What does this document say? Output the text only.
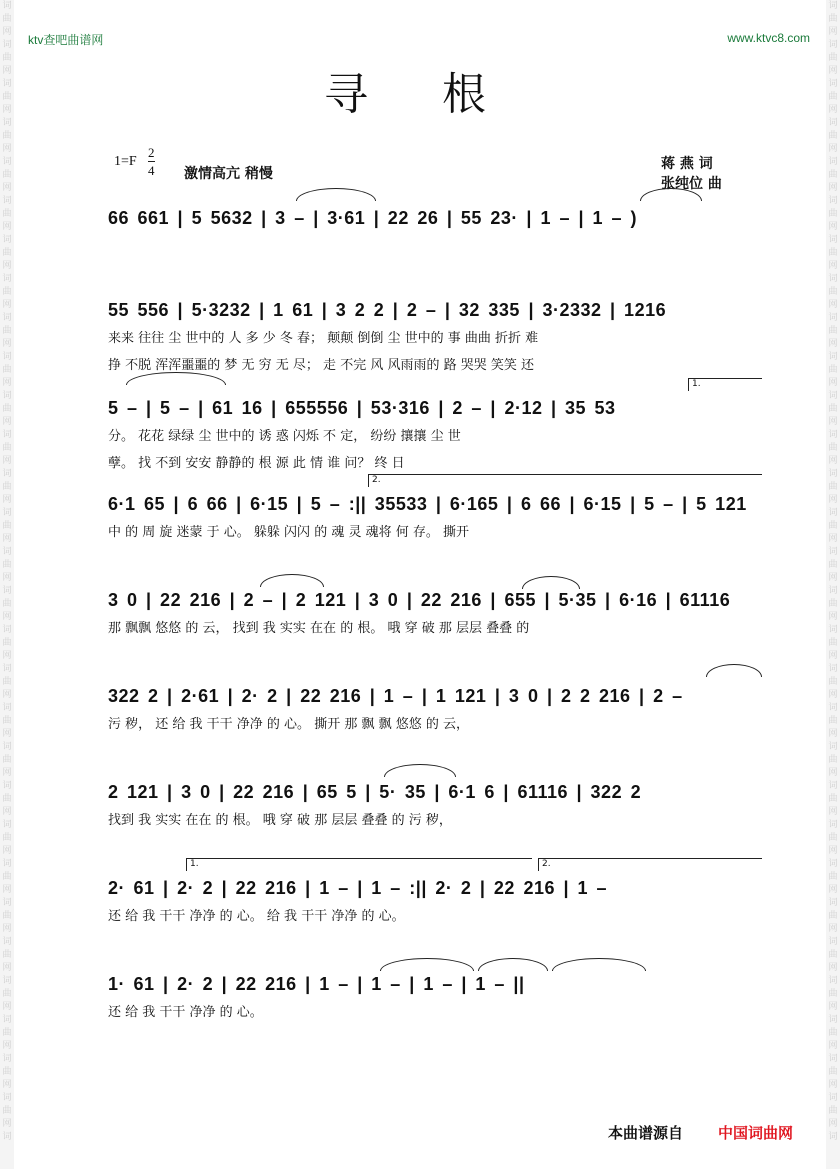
词
曲
网
词
曲
网
词
曲
网
词
曲
网
词
曲
网
词
曲
网
词
曲
网
词
曲
网
词
曲
网
词
曲
网
词
曲
网
词
曲
网
词
曲
网
词
曲
网
词
曲
网
词
曲
网
词
曲
网
词
曲
网
词
曲
网
词
曲
网
词
曲
网
词
曲
网
词
曲
网
词
曲
网
词
曲
网
词
曲
网
词
曲
网
词
曲
网
词
曲
网
词
词
曲
网
词
曲
网
词
曲
网
词
曲
网
词
曲
网
词
曲
网
词
曲
网
词
曲
网
词
曲
网
词
曲
网
词
曲
网
词
曲
网
词
曲
网
词
曲
网
词
曲
网
词
曲
网
词
曲
网
词
曲
网
词
曲
网
词
曲
网
词
曲
网
词
曲
网
词
曲
网
词
曲
网
词
曲
网
词
曲
网
词
曲
网
词
曲
网
词
曲
网
词
ktv查吧曲谱网	www.ktvc8.com
寻 根
1=F
2
4 激情高亢 稍慢
蒋 燕 词
张纯位 曲
66 661 | 5 5632 | 3 – | 3·61 | 22 26 | 55 23· | 1 – | 1 – )
55 556 | 5·3232 | 1 61 | 3 2 2 | 2 – | 32 335 | 3·2332 | 1216
来来 往往 尘 世中的 人 多 少 冬 春； 颠颠 倒倒 尘 世中的 事 曲曲 折折 难
挣 不脱 浑浑噩噩的 梦 无 穷 无 尽； 走 不完 风 风雨雨的 路 哭哭 笑笑 还
5 – | 5 – | 61 16 | 655556 | 53·316 | 2 – | 2·12 | 35 53
分。 花花 绿绿 尘 世中的 诱 惑 闪烁 不 定， 纷纷 攘攘 尘 世
孽。 找 不到 安安 静静的 根 源 此 情 谁 问？ 终 日
6·1 65 | 6 66 | 6·15 | 5 – :|| 35533 | 6·165 | 6 66 | 6·15 | 5 – | 5 121
中 的 周 旋 迷蒙 于 心。 躲躲 闪闪 的 魂 灵 魂将 何 存。 撕开
3 0 | 22 216 | 2 – | 2 121 | 3 0 | 22 216 | 655 | 5·35 | 6·16 | 61116
那 飘飘 悠悠 的 云， 找到 我 实实 在在 的 根。 哦 穿 破 那 层层 叠叠 的
322 2 | 2·61 | 2· 2 | 22 216 | 1 – | 1 121 | 3 0 | 2 2 216 | 2 –
污 秽， 还 给 我 干干 净净 的 心。 撕开 那 飘 飘 悠悠 的 云，
2 121 | 3 0 | 22 216 | 65 5 | 5· 35 | 6·1 6 | 61116 | 322 2
找到 我 实实 在在 的 根。 哦 穿 破 那 层层 叠叠 的 污 秽，
2· 61 | 2· 2 | 22 216 | 1 – | 1 – :|| 2· 2 | 22 216 | 1 –
还 给 我 干干 净净 的 心。 给 我 干干 净净 的 心。
1· 61 | 2· 2 | 22 216 | 1 – | 1 – | 1 – | 1 – ||
还 给 我 干干 净净 的 心。
1.
2.
1.	2.
本曲谱源自 中国词曲网
